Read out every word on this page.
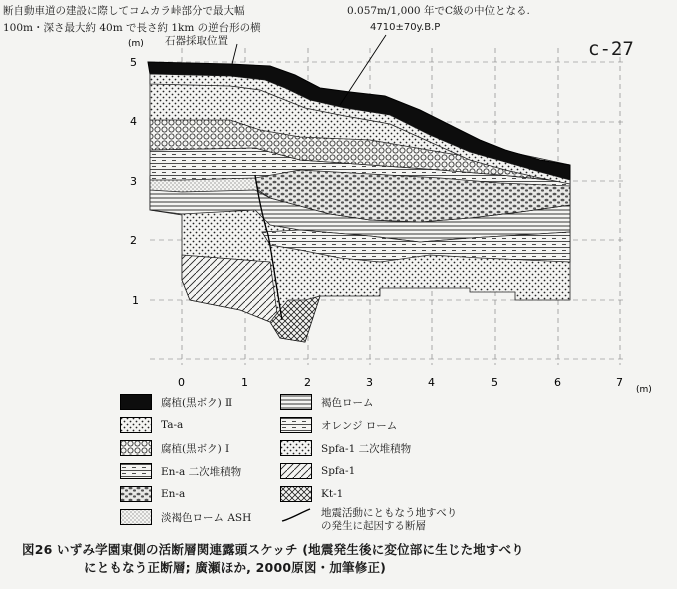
断自動車道の建設に際してコムカラ峠部分で最大幅
100m・深さ最大約 40m で長さ約 1km の逆台形の横
0.057m/1,000 年でC級の中位となる.
c-27
(m)
(m)
5
4
3
2
1
0	1	2	3	4	5	6	7
石器採取位置
4710±70y.B.P
腐植(黒ボク) Ⅱ
Ta-a
腐植(黒ボク) Ⅰ
En-a 二次堆積物
En-a
淡褐色ローム ASH
褐色ローム
オレンジ ローム
Spfa-1 二次堆積物
Spfa-1
Kt-1
地震活動にともなう地すべり
の発生に起因する断層
図26 いずみ学園東側の活断層関連露頭スケッチ (地震発生後に変位部に生じた地すべり
にともなう正断層; 廣瀬ほか, 2000原図・加筆修正)
